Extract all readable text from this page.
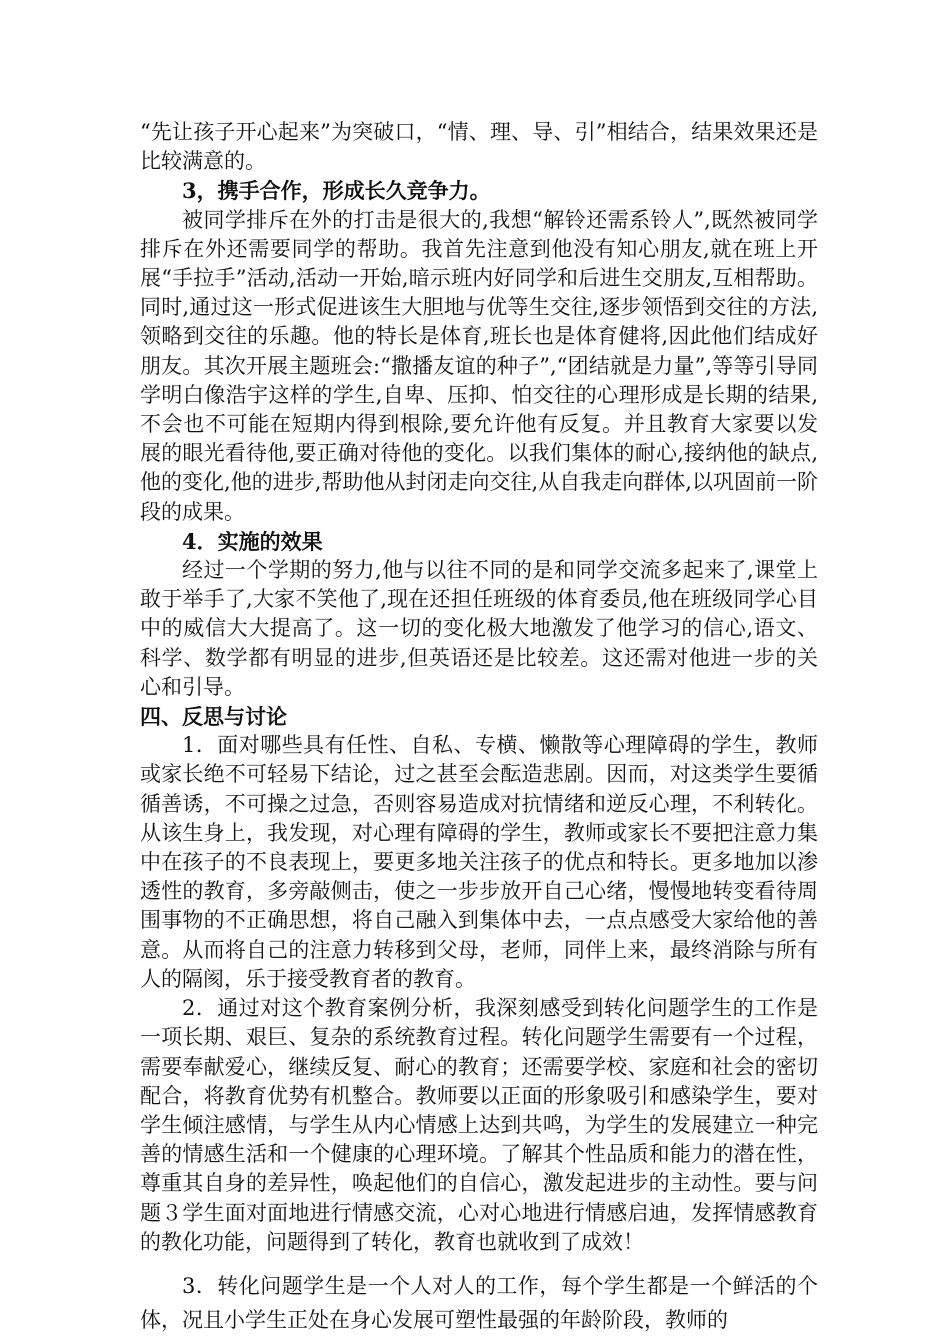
“先让孩子开心起来”为突破口，“情、理、导、引”相结合，结果效果还是比较满意的。

3，携手合作，形成长久竞争力。

被同学排斥在外的打击是很大的,我想“解铃还需系铃人”,既然被同学排斥在外还需要同学的帮助。我首先注意到他没有知心朋友,就在班上开展“手拉手”活动,活动一开始,暗示班内好同学和后进生交朋友,互相帮助。同时,通过这一形式促进该生大胆地与优等生交往,逐步领悟到交往的方法,领略到交往的乐趣。他的特长是体育,班长也是体育健将,因此他们结成好朋友。其次开展主题班会:“撒播友谊的种子”,“团结就是力量”,等等引导同学明白像浩宇这样的学生,自卑、压抑、怕交往的心理形成是长期的结果,不会也不可能在短期内得到根除,要允许他有反复。并且教育大家要以发展的眼光看待他,要正确对待他的变化。以我们集体的耐心,接纳他的缺点,他的变化,他的进步,帮助他从封闭走向交往,从自我走向群体,以巩固前一阶段的成果。

4．实施的效果

经过一个学期的努力,他与以往不同的是和同学交流多起来了,课堂上敢于举手了,大家不笑他了,现在还担任班级的体育委员,他在班级同学心目中的威信大大提高了。这一切的变化极大地激发了他学习的信心,语文、科学、数学都有明显的进步,但英语还是比较差。这还需对他进一步的关心和引导。

四、反思与讨论

1．面对哪些具有任性、自私、专横、懒散等心理障碍的学生，教师或家长绝不可轻易下结论，过之甚至会酝造悲剧。因而，对这类学生要循循善诱，不可操之过急，否则容易造成对抗情绪和逆反心理，不利转化。从该生身上，我发现，对心理有障碍的学生，教师或家长不要把注意力集中在孩子的不良表现上，要更多地关注孩子的优点和特长。更多地加以渗透性的教育，多旁敲侧击，使之一步步放开自己心绪，慢慢地转变看待周围事物的不正确思想，将自己融入到集体中去，一点点感受大家给他的善意。从而将自己的注意力转移到父母，老师，同伴上来，最终消除与所有人的隔阂，乐于接受教育者的教育。

2．通过对这个教育案例分析，我深刻感受到转化问题学生的工作是一项长期、艰巨、复杂的系统教育过程。转化问题学生需要有一个过程，需要奉献爱心，继续反复、耐心的教育；还需要学校、家庭和社会的密切配合，将教育优势有机整合。教师要以正面的形象吸引和感染学生，要对学生倾注感情，与学生从内心情感上达到共鸣，为学生的发展建立一种完善的情感生活和一个健康的心理环境。了解其个性品质和能力的潜在性，尊重其自身的差异性，唤起他们的自信心，激发起进步的主动性。要与问题３学生面对面地进行情感交流，心对心地进行情感启迪，发挥情感教育的教化功能，问题得到了转化，教育也就收到了成效！

3．转化问题学生是一个人对人的工作，每个学生都是一个鲜活的个体，况且小学生正处在身心发展可塑性最强的年龄阶段，教师的
